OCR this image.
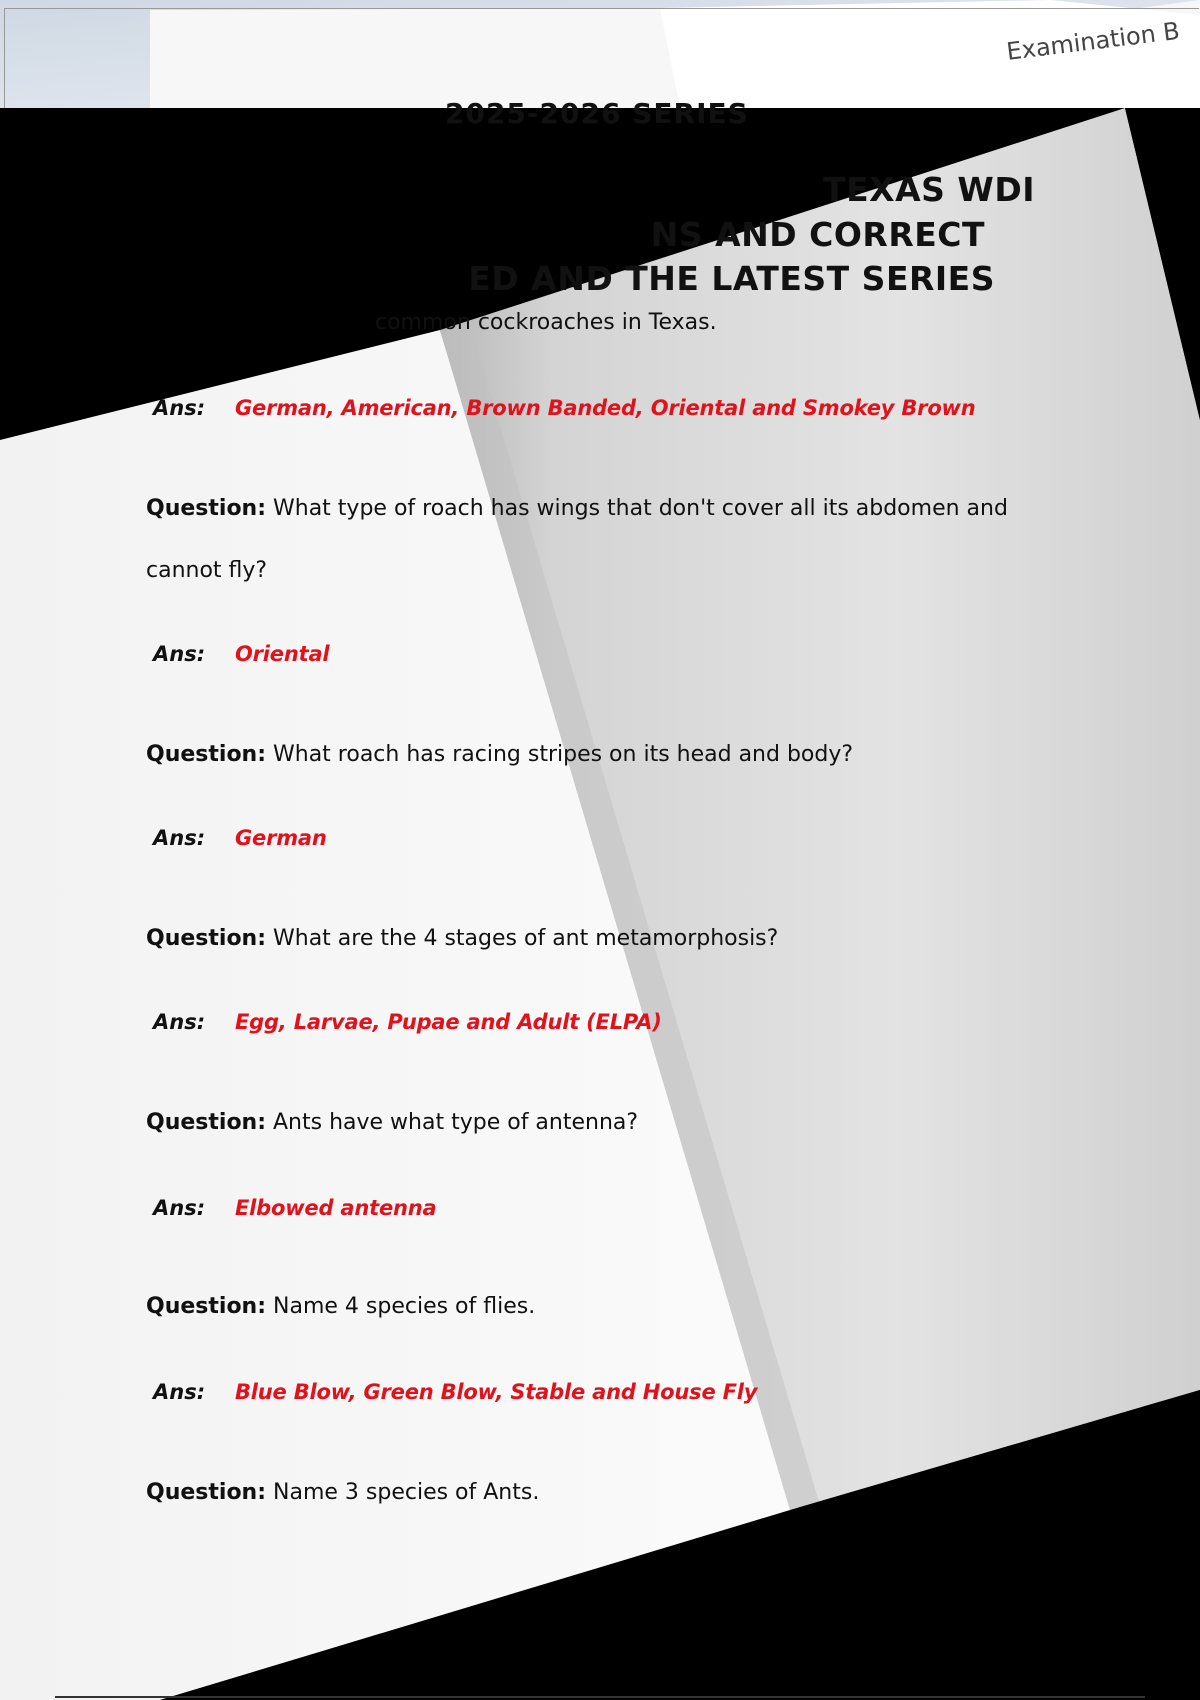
Examination B
TEXAS WDI
NS AND CORRECT
ED AND THE LATEST SERIES
common cockroaches in Texas.
Ans: German, American, Brown Banded, Oriental and Smokey Brown
Question: What type of roach has wings that don't cover all its abdomen and cannot fly?
Ans: Oriental
Question: What roach has racing stripes on its head and body?
Ans: German
Question: What are the 4 stages of ant metamorphosis?
Ans: Egg, Larvae, Pupae and Adult (ELPA)
Question: Ants have what type of antenna?
Ans: Elbowed antenna
Question: Name 4 species of flies.
Ans: Blue Blow, Green Blow, Stable and House Fly
Question: Name 3 species of Ants.
